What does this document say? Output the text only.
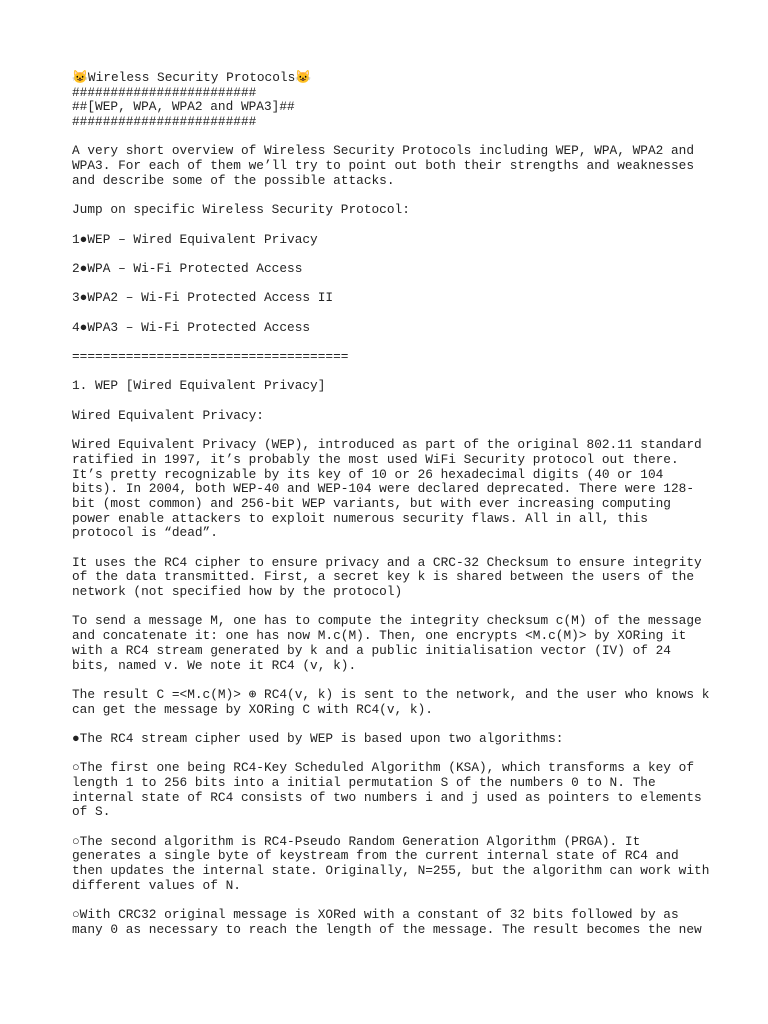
😺Wireless Security Protocols😺
########################
##[WEP, WPA, WPA2 and WPA3]##
########################
A very short overview of Wireless Security Protocols including WEP, WPA, WPA2 and
WPA3. For each of them we’ll try to point out both their strengths and weaknesses
and describe some of the possible attacks.
Jump on specific Wireless Security Protocol:
1●WEP – Wired Equivalent Privacy
2●WPA – Wi-Fi Protected Access
3●WPA2 – Wi-Fi Protected Access II
4●WPA3 – Wi-Fi Protected Access
====================================
1. WEP [Wired Equivalent Privacy]
Wired Equivalent Privacy:
Wired Equivalent Privacy (WEP), introduced as part of the original 802.11 standard
ratified in 1997, it’s probably the most used WiFi Security protocol out there.
It’s pretty recognizable by its key of 10 or 26 hexadecimal digits (40 or 104
bits). In 2004, both WEP-40 and WEP-104 were declared deprecated. There were 128-
bit (most common) and 256-bit WEP variants, but with ever increasing computing
power enable attackers to exploit numerous security flaws. All in all, this
protocol is “dead”.
It uses the RC4 cipher to ensure privacy and a CRC-32 Checksum to ensure integrity
of the data transmitted. First, a secret key k is shared between the users of the
network (not specified how by the protocol)
To send a message M, one has to compute the integrity checksum c(M) of the message
and concatenate it: one has now M.c(M). Then, one encrypts <M.c(M)> by XORing it
with a RC4 stream generated by k and a public initialisation vector (IV) of 24
bits, named v. We note it RC4 (v, k).
The result C =<M.c(M)> ⊕ RC4(v, k) is sent to the network, and the user who knows k
can get the message by XORing C with RC4(v, k).
●The RC4 stream cipher used by WEP is based upon two algorithms:
○The first one being RC4-Key Scheduled Algorithm (KSA), which transforms a key of
length 1 to 256 bits into a initial permutation S of the numbers 0 to N. The
internal state of RC4 consists of two numbers i and j used as pointers to elements
of S.
○The second algorithm is RC4-Pseudo Random Generation Algorithm (PRGA). It
generates a single byte of keystream from the current internal state of RC4 and
then updates the internal state. Originally, N=255, but the algorithm can work with
different values of N.
○With CRC32 original message is XORed with a constant of 32 bits followed by as
many 0 as necessary to reach the length of the message. The result becomes the new
